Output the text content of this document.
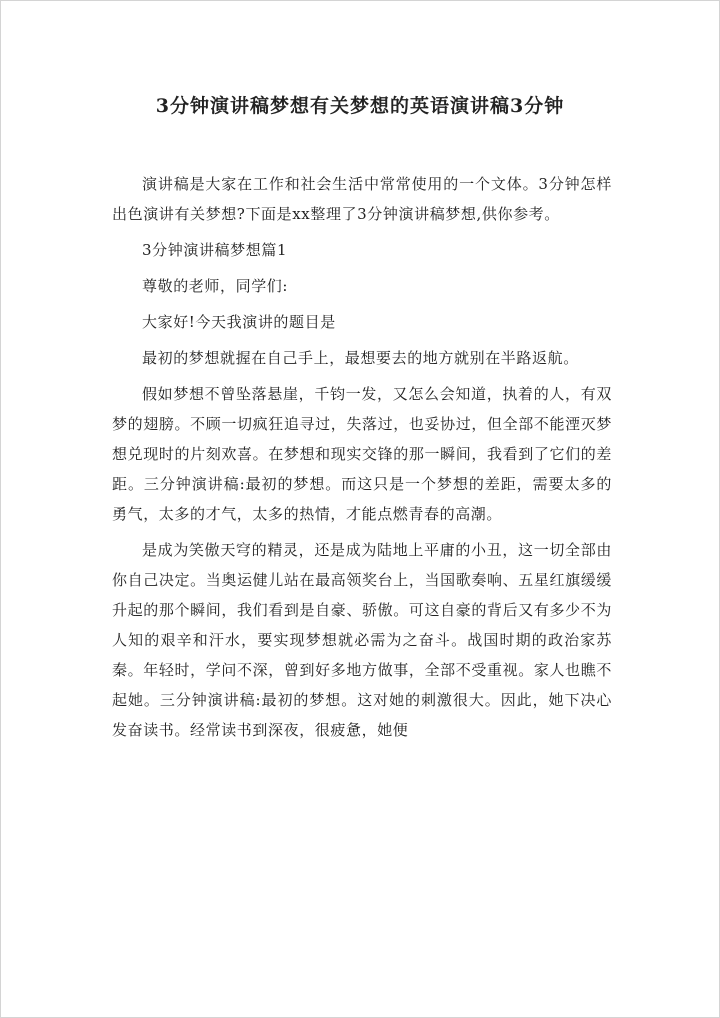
3分钟演讲稿梦想有关梦想的英语演讲稿3分钟

演讲稿是大家在工作和社会生活中常常使用的一个文体。3分钟怎样出色演讲有关梦想?下面是xx整理了3分钟演讲稿梦想,供你参考。

3分钟演讲稿梦想篇1

尊敬的老师，同学们:

大家好!今天我演讲的题目是

最初的梦想就握在自己手上，最想要去的地方就别在半路返航。

假如梦想不曾坠落悬崖，千钧一发，又怎么会知道，执着的人，有双梦的翅膀。不顾一切疯狂追寻过，失落过，也妥协过，但全部不能湮灭梦想兑现时的片刻欢喜。在梦想和现实交锋的那一瞬间，我看到了它们的差距。三分钟演讲稿:最初的梦想。而这只是一个梦想的差距，需要太多的勇气，太多的才气，太多的热情，才能点燃青春的高潮。

是成为笑傲天穹的精灵，还是成为陆地上平庸的小丑，这一切全部由你自己决定。当奥运健儿站在最高领奖台上，当国歌奏响、五星红旗缓缓升起的那个瞬间，我们看到是自豪、骄傲。可这自豪的背后又有多少不为人知的艰辛和汗水，要实现梦想就必需为之奋斗。战国时期的政治家苏秦。年轻时，学问不深，曾到好多地方做事，全部不受重视。家人也瞧不起她。三分钟演讲稿:最初的梦想。这对她的刺激很大。因此，她下决心发奋读书。经常读书到深夜，很疲惫，她便
